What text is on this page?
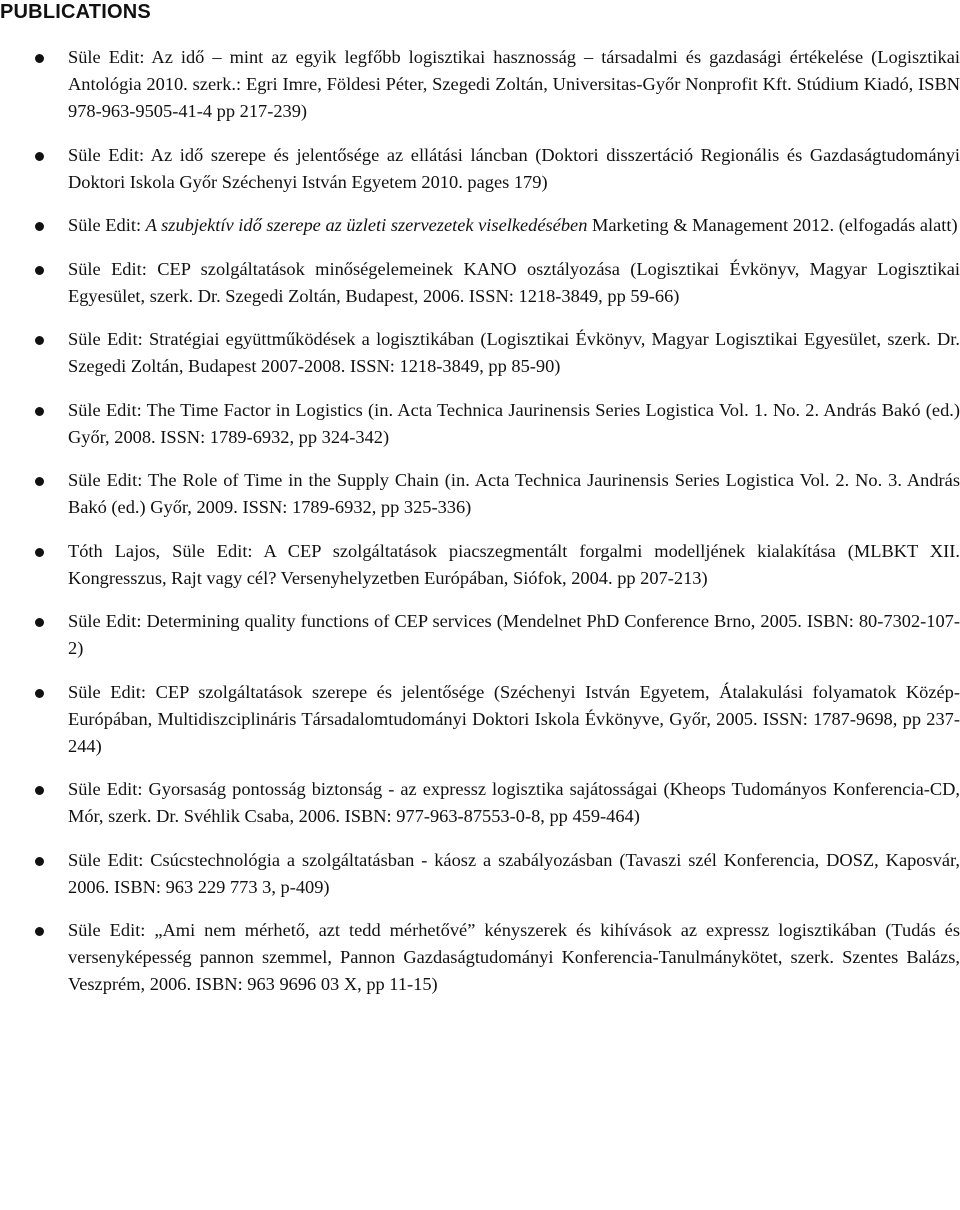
PUBLICATIONS
Süle Edit: Az idő – mint az egyik legfőbb logisztikai hasznosság – társadalmi és gazdasági értékelése (Logisztikai Antológia 2010. szerk.: Egri Imre, Földesi Péter, Szegedi Zoltán, Universitas-Győr Nonprofit Kft. Stúdium Kiadó, ISBN 978-963-9505-41-4 pp 217-239)
Süle Edit: Az idő szerepe és jelentősége az ellátási láncban (Doktori disszertáció Regionális és Gazdaságtudományi Doktori Iskola Győr Széchenyi István Egyetem 2010. pages 179)
Süle Edit: A szubjektív idő szerepe az üzleti szervezetek viselkedésében Marketing & Management 2012. (elfogadás alatt)
Süle Edit: CEP szolgáltatások minőségelemeinek KANO osztályozása (Logisztikai Évkönyv, Magyar Logisztikai Egyesület, szerk. Dr. Szegedi Zoltán, Budapest, 2006. ISSN: 1218-3849, pp 59-66)
Süle Edit: Stratégiai együttműködések a logisztikában (Logisztikai Évkönyv, Magyar Logisztikai Egyesület, szerk. Dr. Szegedi Zoltán, Budapest 2007-2008. ISSN: 1218-3849, pp 85-90)
Süle Edit: The Time Factor in Logistics (in. Acta Technica Jaurinensis Series Logistica Vol. 1. No. 2. András Bakó (ed.) Győr, 2008. ISSN: 1789-6932, pp 324-342)
Süle Edit: The Role of Time in the Supply Chain (in. Acta Technica Jaurinensis Series Logistica Vol. 2. No. 3. András Bakó (ed.) Győr, 2009. ISSN: 1789-6932, pp 325-336)
Tóth Lajos, Süle Edit: A CEP szolgáltatások piacszegmentált forgalmi modelljének kialakítása (MLBKT XII. Kongresszus, Rajt vagy cél? Versenyhelyzetben Európában, Siófok, 2004. pp 207-213)
Süle Edit: Determining quality functions of CEP services (Mendelnet PhD Conference Brno, 2005. ISBN: 80-7302-107-2)
Süle Edit: CEP szolgáltatások szerepe és jelentősége (Széchenyi István Egyetem, Átalakulási folyamatok Közép-Európában, Multidiszciplináris Társadalomtudományi Doktori Iskola Évkönyve, Győr, 2005. ISSN: 1787-9698, pp 237-244)
Süle Edit: Gyorsaság pontosság biztonság - az expressz logisztika sajátosságai (Kheops Tudományos Konferencia-CD, Mór, szerk. Dr. Svéhlik Csaba, 2006. ISBN: 977-963-87553-0-8, pp 459-464)
Süle Edit: Csúcstechnológia a szolgáltatásban - káosz a szabályozásban (Tavaszi szél Konferencia, DOSZ, Kaposvár, 2006. ISBN: 963 229 773 3, p-409)
Süle Edit: „Ami nem mérhető, azt tedd mérhetővé” kényszerek és kihívások az expressz logisztikában (Tudás és versenyképesség pannon szemmel, Pannon Gazdaságtudományi Konferencia-Tanulmánykötet, szerk. Szentes Balázs, Veszprém, 2006. ISBN: 963 9696 03 X, pp 11-15)
